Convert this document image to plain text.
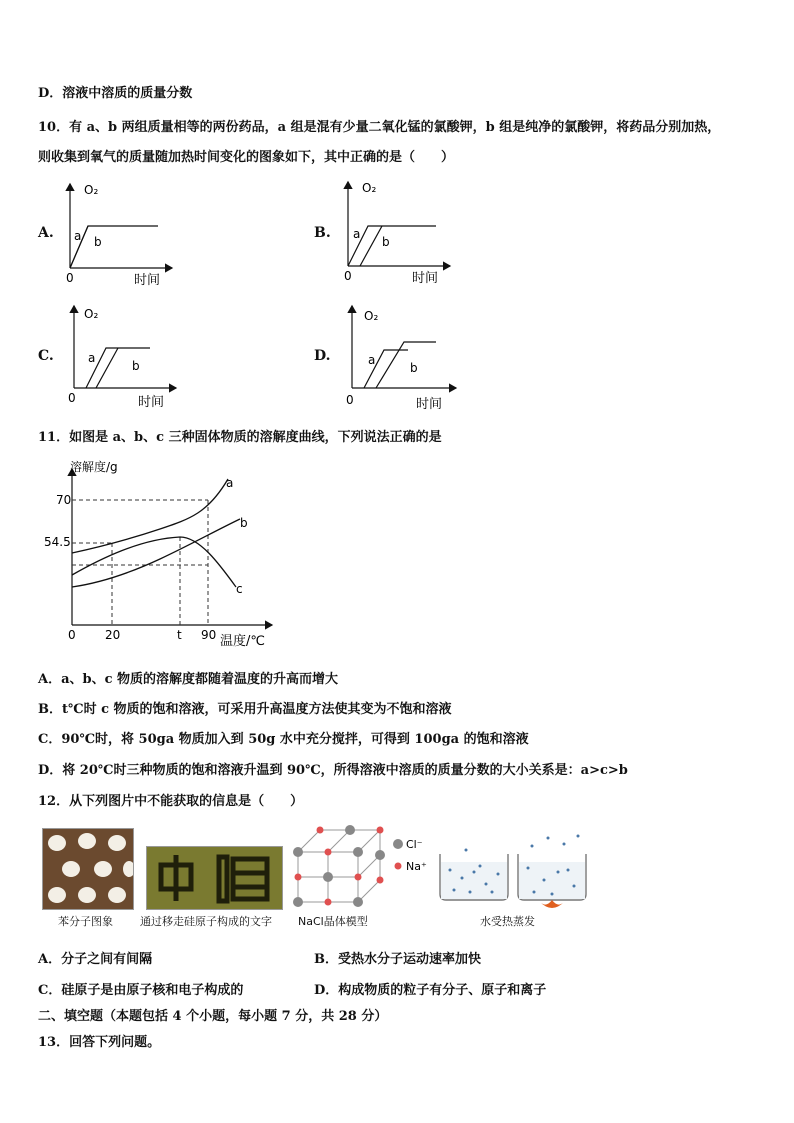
D．溶液中溶质的质量分数
10．有 a、b 两组质量相等的两份药品，a 组是混有少量二氧化锰的氯酸钾，b 组是纯净的氯酸钾，将药品分别加热，
则收集到氧气的质量随加热时间变化的图象如下，其中正确的是（　　）
A.
O₂
a b
0	时间
B.
O₂
a
b
0	时间
C.
O₂
a
b
0	时间
D.
O₂
a
b
0	时间
11．如图是 a、b、c 三种固体物质的溶解度曲线，下列说法正确的是
溶解度/g
70
54.5
0 20	t 90 温度/℃
a
b
c
A．a、b、c 物质的溶解度都随着温度的升高而增大
B．t℃时 c 物质的饱和溶液，可采用升高温度方法使其变为不饱和溶液
C．90℃时，将 50ga 物质加入到 50g 水中充分搅拌，可得到 100ga 的饱和溶液
D．将 20℃时三种物质的饱和溶液升温到 90℃，所得溶液中溶质的质量分数的大小关系是：a>c>b
12．从下列图片中不能获取的信息是（　　）
苯分子图象 通过移走硅原子构成的文字
Cl⁻
Na⁺
NaCl晶体模型	水受热蒸发
A．分子之间有间隔	B．受热水分子运动速率加快
C．硅原子是由原子核和电子构成的	D．构成物质的粒子有分子、原子和离子
二、填空题（本题包括 4 个小题，每小题 7 分，共 28 分）
13．回答下列问题。
